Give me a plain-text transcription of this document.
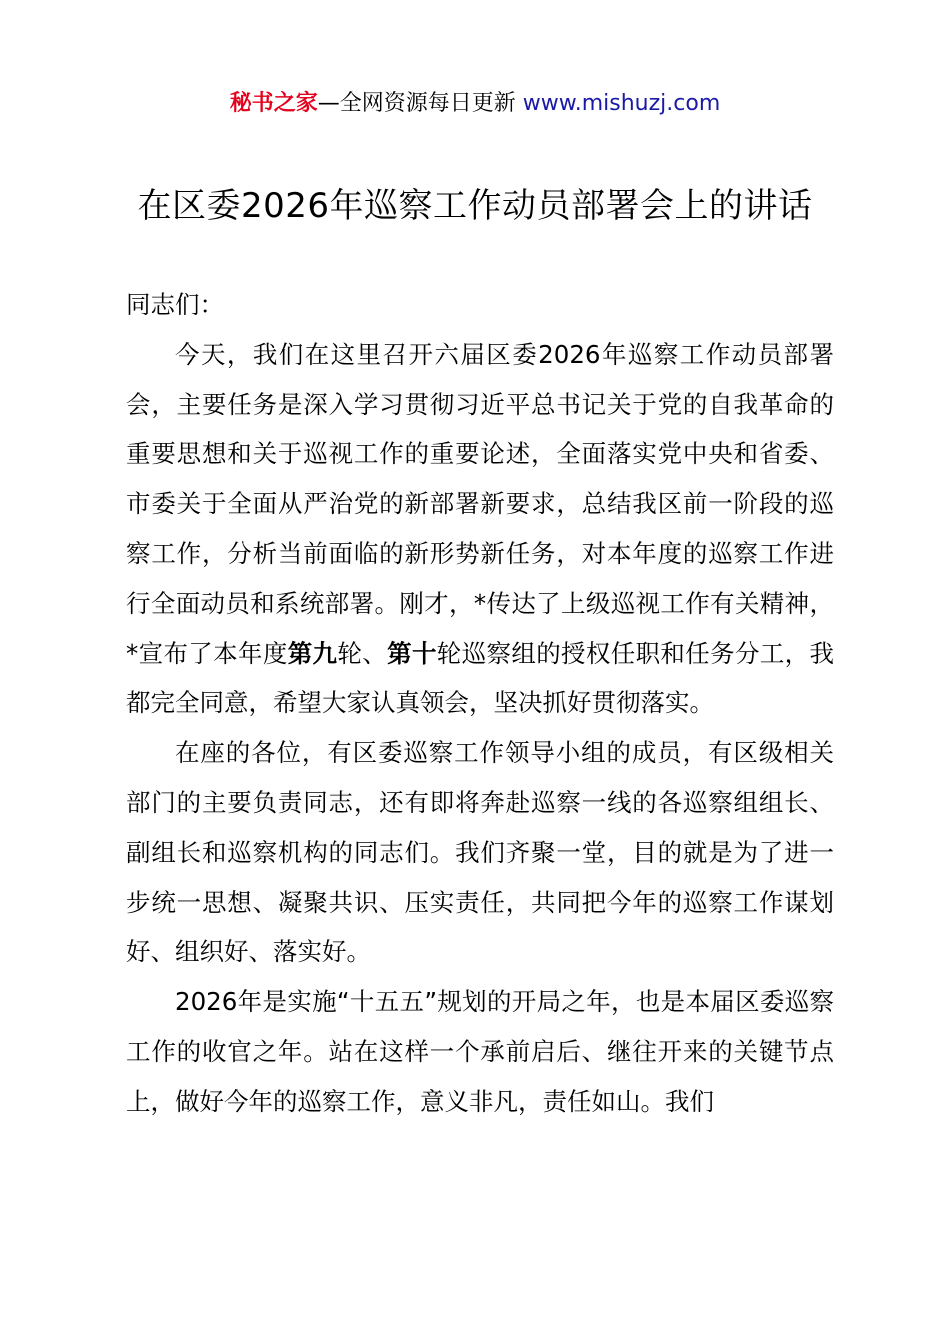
秘书之家—全网资源每日更新 www.mishuzj.com
在区委2026年巡察工作动员部署会上的讲话

同志们：

今天，我们在这里召开六届区委2026年巡察工作动员部署会，主要任务是深入学习贯彻习近平总书记关于党的自我革命的重要思想和关于巡视工作的重要论述，全面落实党中央和省委、市委关于全面从严治党的新部署新要求，总结我区前一阶段的巡察工作，分析当前面临的新形势新任务，对本年度的巡察工作进行全面动员和系统部署。刚才，*传达了上级巡视工作有关精神，*宣布了本年度第九轮、第十轮巡察组的授权任职和任务分工，我都完全同意，希望大家认真领会，坚决抓好贯彻落实。

在座的各位，有区委巡察工作领导小组的成员，有区级相关部门的主要负责同志，还有即将奔赴巡察一线的各巡察组组长、副组长和巡察机构的同志们。我们齐聚一堂，目的就是为了进一步统一思想、凝聚共识、压实责任，共同把今年的巡察工作谋划好、组织好、落实好。

2026年是实施“十五五”规划的开局之年，也是本届区委巡察工作的收官之年。站在这样一个承前启后、继往开来的关键节点上，做好今年的巡察工作，意义非凡，责任如山。我们
